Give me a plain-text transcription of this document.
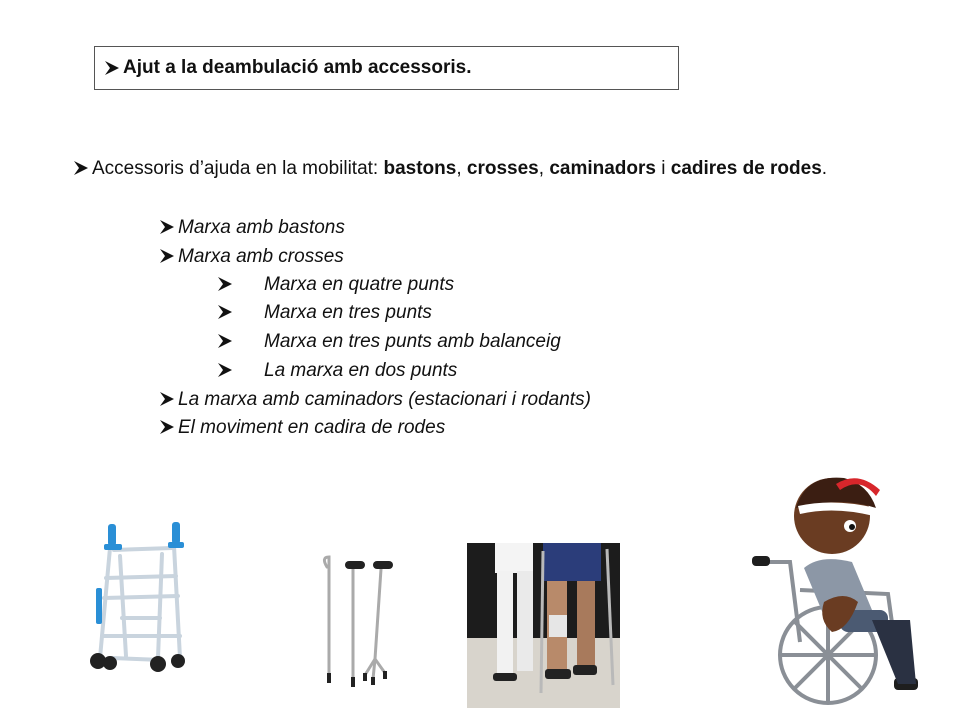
Ajut a la deambulació amb accessoris.
Accessoris d’ajuda en la mobilitat: bastons, crosses, caminadors i cadires de rodes.
Marxa amb bastons
Marxa amb crosses
Marxa en quatre punts
Marxa en tres punts
Marxa en tres punts amb balanceig
La marxa en dos punts
La marxa amb caminadors (estacionari i rodants)
El moviment en cadira de rodes
